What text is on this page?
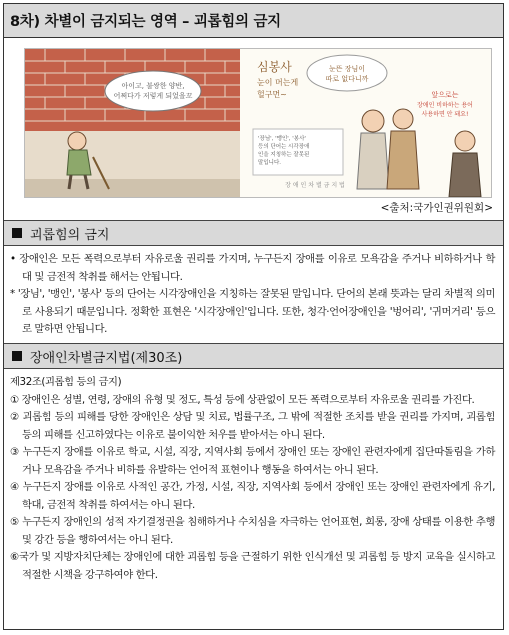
8차) 차별이 금지되는 영역 – 괴롭힘의 금지
아이고, 불쌍한 양반,
어쩌다가 저렇게 되었을꼬
'장님', '맹인', '봉사'
등의 단어는 시각장애
인을 지칭하는 잘못된
말입니다.
장 애 인 차 별 금 지 법
심봉사
눈이 머는게
헐구먼~
눈뜬 장님이
따로 없다니까
앞으로는
장애인 비하하는 용어
사용하면 안 돼요!
<출처:국가인권위원회>
괴롭힘의 금지

• 장애인은 모든 폭력으로부터 자유로울 권리를 가지며, 누구든지 장애를 이유로 모욕감을 주거나 비하하거나 학대 및 금전적 착취를 해서는 안됩니다.

* '장님', '맹인', '봉사' 등의 단어는 시각장애인을 지칭하는 잘못된 말입니다. 단어의 본래 뜻과는 달리 차별적 의미로 사용되기 때문입니다. 정확한 표현은 '시각장애인'입니다. 또한, 청각·언어장애인을 '벙어리', '귀머거리' 등으로 말하면 안됩니다.

장애인차별금지법(제30조)

제32조(괴롭힘 등의 금지)

① 장애인은 성별, 연령, 장애의 유형 및 정도, 특성 등에 상관없이 모든 폭력으로부터 자유로울 권리를 가진다.

② 괴롭힘 등의 피해를 당한 장애인은 상담 및 치료, 법률구조, 그 밖에 적절한 조치를 받을 권리를 가지며, 괴롭힘 등의 피해를 신고하였다는 이유로 불이익한 처우를 받아서는 아니 된다.

③ 누구든지 장애를 이유로 학교, 시설, 직장, 지역사회 등에서 장애인 또는 장애인 관련자에게 집단따돌림을 가하거나 모욕감을 주거나 비하를 유발하는 언어적 표현이나 행동을 하여서는 아니 된다.

④ 누구든지 장애를 이유로 사적인 공간, 가정, 시설, 직장, 지역사회 등에서 장애인 또는 장애인 관련자에게 유기, 학대, 금전적 착취를 하여서는 아니 된다.

⑤ 누구든지 장애인의 성적 자기결정권을 침해하거나 수치심을 자극하는 언어표현, 희롱, 장애 상태를 이용한 추행 및 강간 등을 행하여서는 아니 된다.

⑥국가 및 지방자치단체는 장애인에 대한 괴롭힘 등을 근절하기 위한 인식개선 및 괴롭힘 등 방지 교육을 실시하고 적절한 시책을 강구하여야 한다.
